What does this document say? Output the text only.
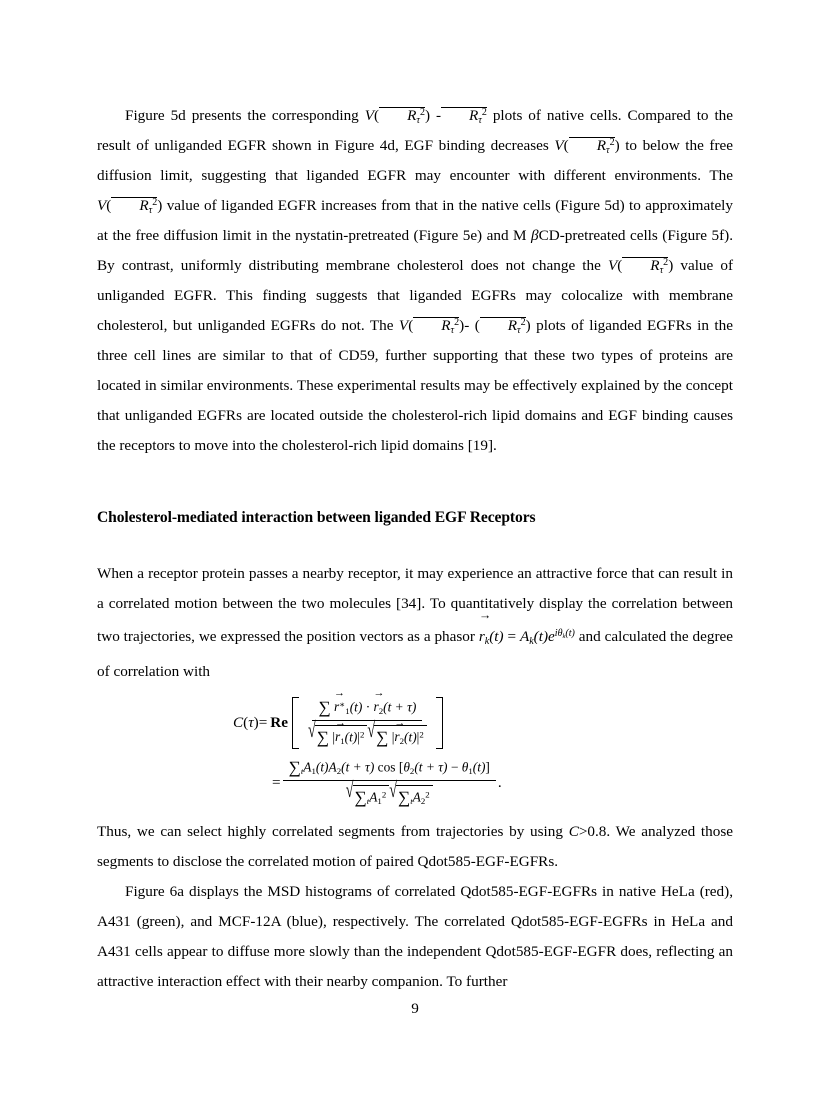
Figure 5d presents the corresponding V( $R_\tau^2) - R_\tau^2$ plots of native cells. Compared to the result of unliganded EGFR shown in Figure 4d, EGF binding decreases V( $R_\tau^2$) to below the free diffusion limit, suggesting that liganded EGFR may encounter with different environments. The V( $R_\tau^2$) value of liganded EGFR increases from that in the native cells (Figure 5d) to approximately at the free diffusion limit in the nystatin-pretreated (Figure 5e) and M βCD-pretreated cells (Figure 5f). By contrast, uniformly distributing membrane cholesterol does not change the V( $R_\tau^2$) value of unliganded EGFR. This finding suggests that liganded EGFRs may colocalize with membrane cholesterol, but unliganded EGFRs do not. The V( $R_\tau^2)-$ ( $R_\tau^2$) plots of liganded EGFRs in the three cell lines are similar to that of CD59, further supporting that these two types of proteins are located in similar environments. These experimental results may be effectively explained by the concept that unliganded EGFRs are located outside the cholesterol-rich lipid domains and EGF binding causes the receptors to move into the cholesterol-rich lipid domains [19].

Cholesterol-mediated interaction between liganded EGF Receptors

When a receptor protein passes a nearby receptor, it may experience an attractive force that can result in a correlated motion between the two molecules [34]. To quantitatively display the correlation between two trajectories, we expressed the position vectors as a phasor
→
$r_k(t) = A_k(t)e^{i\theta_k(t)}$ and calculated the degree of correlation with

C ( τ ) = Re ∑
→
$r^∗_1(t)$ ·
→
$r_2(t + \tau)$
√ ∑ |
→
$r_1(t)|^2$ √ ∑ |
→
$r_2(t)|^2$
= $\frac{\sum_tA_1(t)A_2(t + \tau) \cos [\theta_2(t + \tau) - \theta_1(t)]}{√ \sum_tA_1^2 √ \sum_tA_2^2}$ .

Thus, we can select highly correlated segments from trajectories by using C>0.8. We analyzed those segments to disclose the correlated motion of paired Qdot585-EGF-EGFRs.

Figure 6a displays the MSD histograms of correlated Qdot585-EGF-EGFRs in native HeLa (red), A431 (green), and MCF-12A (blue), respectively. The correlated Qdot585-EGF-EGFRs in HeLa and A431 cells appear to diffuse more slowly than the independent Qdot585-EGF-EGFR does, reflecting an attractive interaction effect with their nearby companion. To further

9
